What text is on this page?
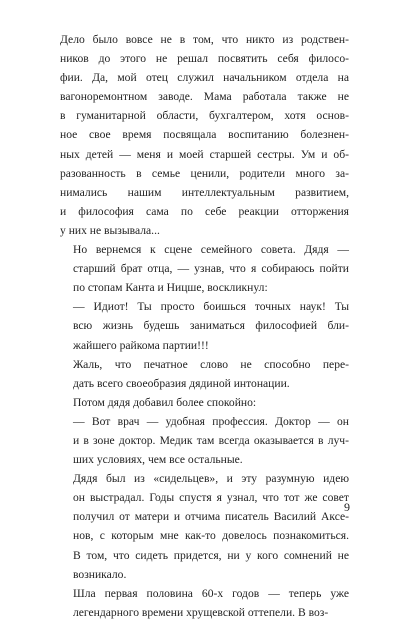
Дело было вовсе не в том, что никто из родствен-
ников до этого не решал посвятить себя филосо-
фии. Да, мой отец служил начальником отдела на
вагоноремонтном заводе. Мама работала также не
в гуманитарной области, бухгалтером, хотя основ-
ное свое время посвящала воспитанию болезнен-
ных детей — меня и моей старшей сестры. Ум и об-
разованность в семье ценили, родители много за-
нимались нашим интеллектуальным развитием,
и философия сама по себе реакции отторжения
у них не вызывала...

Но вернемся к сцене семейного совета. Дядя —
старший брат отца, — узнав, что я собираюсь пойти
по стопам Канта и Ницше, воскликнул:

— Идиот! Ты просто боишься точных наук! Ты
всю жизнь будешь заниматься философией бли-
жайшего райкома партии!!!

Жаль, что печатное слово не способно пере-
дать всего своеобразия дядиной интонации.

Потом дядя добавил более спокойно:

— Вот врач — удобная профессия. Доктор — он
и в зоне доктор. Медик там всегда оказывается в луч-
ших условиях, чем все остальные.

Дядя был из «сидельцев», и эту разумную идею
он выстрадал. Годы спустя я узнал, что тот же совет
получил от матери и отчима писатель Василий Аксе-
нов, с которым мне как-то довелось познакомиться.
В том, что сидеть придется, ни у кого сомнений не
возникало.

Шла первая половина 60-х годов — теперь уже
легендарного времени хрущевской оттепели. В воз-

9
